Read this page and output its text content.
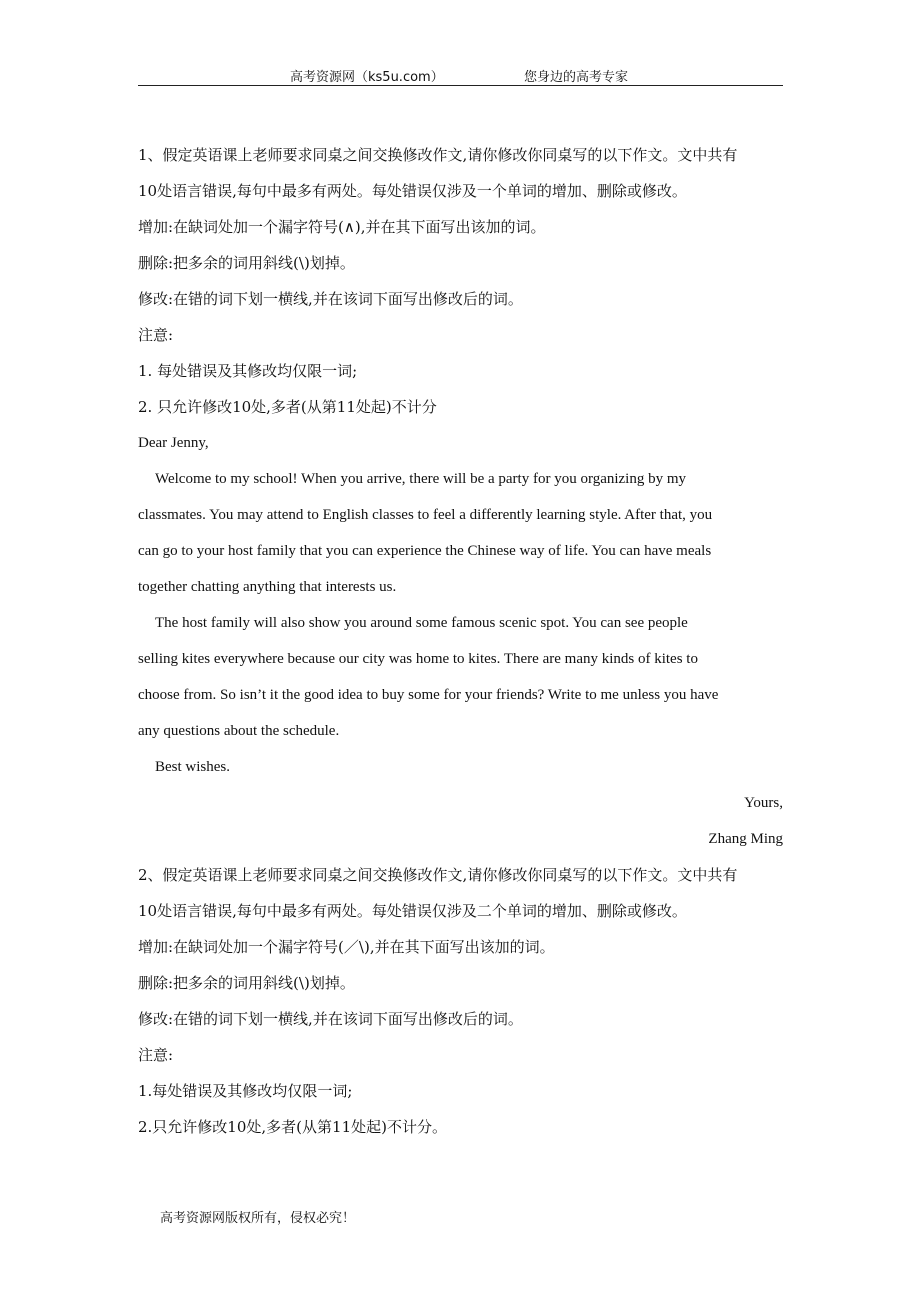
高考资源网（ks5u.com）	您身边的高考专家
1、假定英语课上老师要求同桌之间交换修改作文,请你修改你同桌写的以下作文。文中共有
10处语言错误,每句中最多有两处。每处错误仅涉及一个单词的增加、删除或修改。
增加:在缺词处加一个漏字符号(∧),并在其下面写出该加的词。
删除:把多余的词用斜线(\)划掉。
修改:在错的词下划一横线,并在该词下面写出修改后的词。
注意:
1. 每处错误及其修改均仅限一词;
2. 只允许修改10处,多者(从第11处起)不计分
Dear Jenny,
Welcome to my school! When you arrive, there will be a party for you organizing by my
classmates. You may attend to English classes to feel a differently learning style. After that, you
can go to your host family that you can experience the Chinese way of life. You can have meals
together chatting anything that interests us.
The host family will also show you around some famous scenic spot. You can see people
selling kites everywhere because our city was home to kites. There are many kinds of kites to
choose from. So isn’t it the good idea to buy some for your friends? Write to me unless you have
any questions about the schedule.
Best wishes.
Yours,
Zhang Ming
2、假定英语课上老师要求同桌之间交换修改作文,请你修改你同桌写的以下作文。文中共有
10处语言错误,每句中最多有两处。每处错误仅涉及二个单词的增加、删除或修改。
增加:在缺词处加一个漏字符号(／\),并在其下面写出该加的词。
删除:把多余的词用斜线(\)划掉。
修改:在错的词下划一横线,并在该词下面写出修改后的词。
注意:
1.每处错误及其修改均仅限一词;
2.只允许修改10处,多者(从第11处起)不计分。
高考资源网版权所有，侵权必究！
